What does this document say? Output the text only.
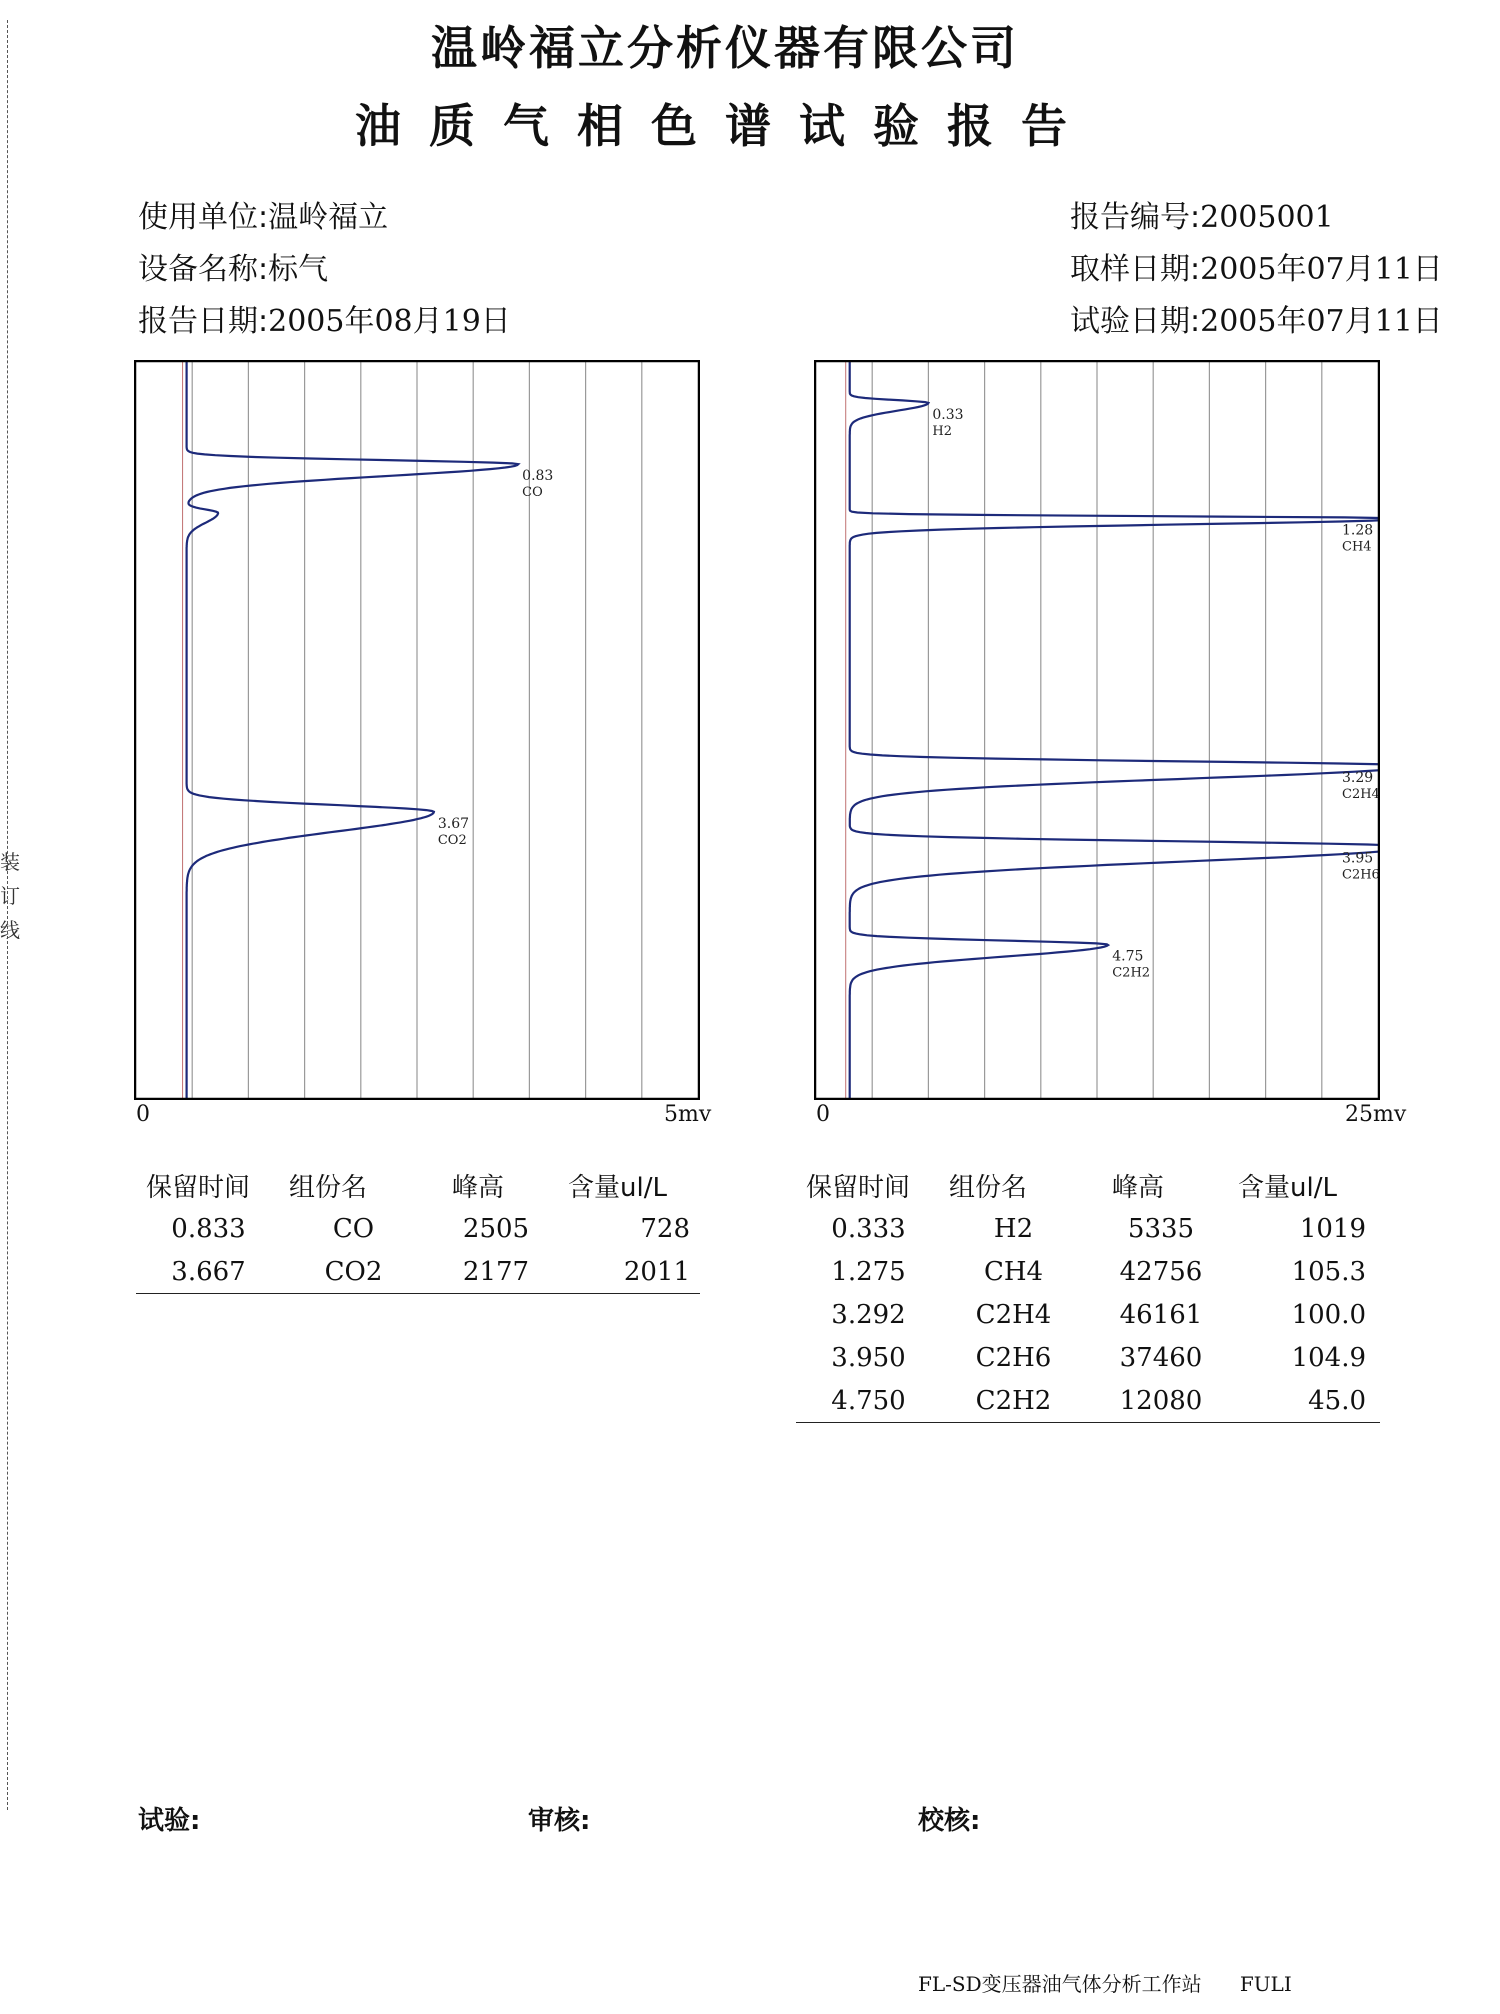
装
订
线
温岭福立分析仪器有限公司
油质气相色谱试验报告
使用单位:温岭福立
设备名称:标气
报告日期:2005年08月19日
报告编号:2005001
取样日期:2005年07月11日
试验日期:2005年07月11日
0.83
CO
3.67
CO2
0.33
H2
1.28
CH4
3.29
C2H4
3.95
C2H6
4.75
C2H2
0	5mv	0	25mv
保留时间	组份名	峰高	含量ul/L
0.833	CO	2505	728
3.667	CO2	2177	2011
保留时间	组份名	峰高	含量ul/L
0.333	H2	5335	1019
1.275	CH4	42756	105.3
3.292	C2H4	46161	100.0
3.950	C2H6	37460	104.9
4.750	C2H2	12080	45.0
试验:	审核:	校核:
FL-SD变压器油气体分析工作站 FULI
